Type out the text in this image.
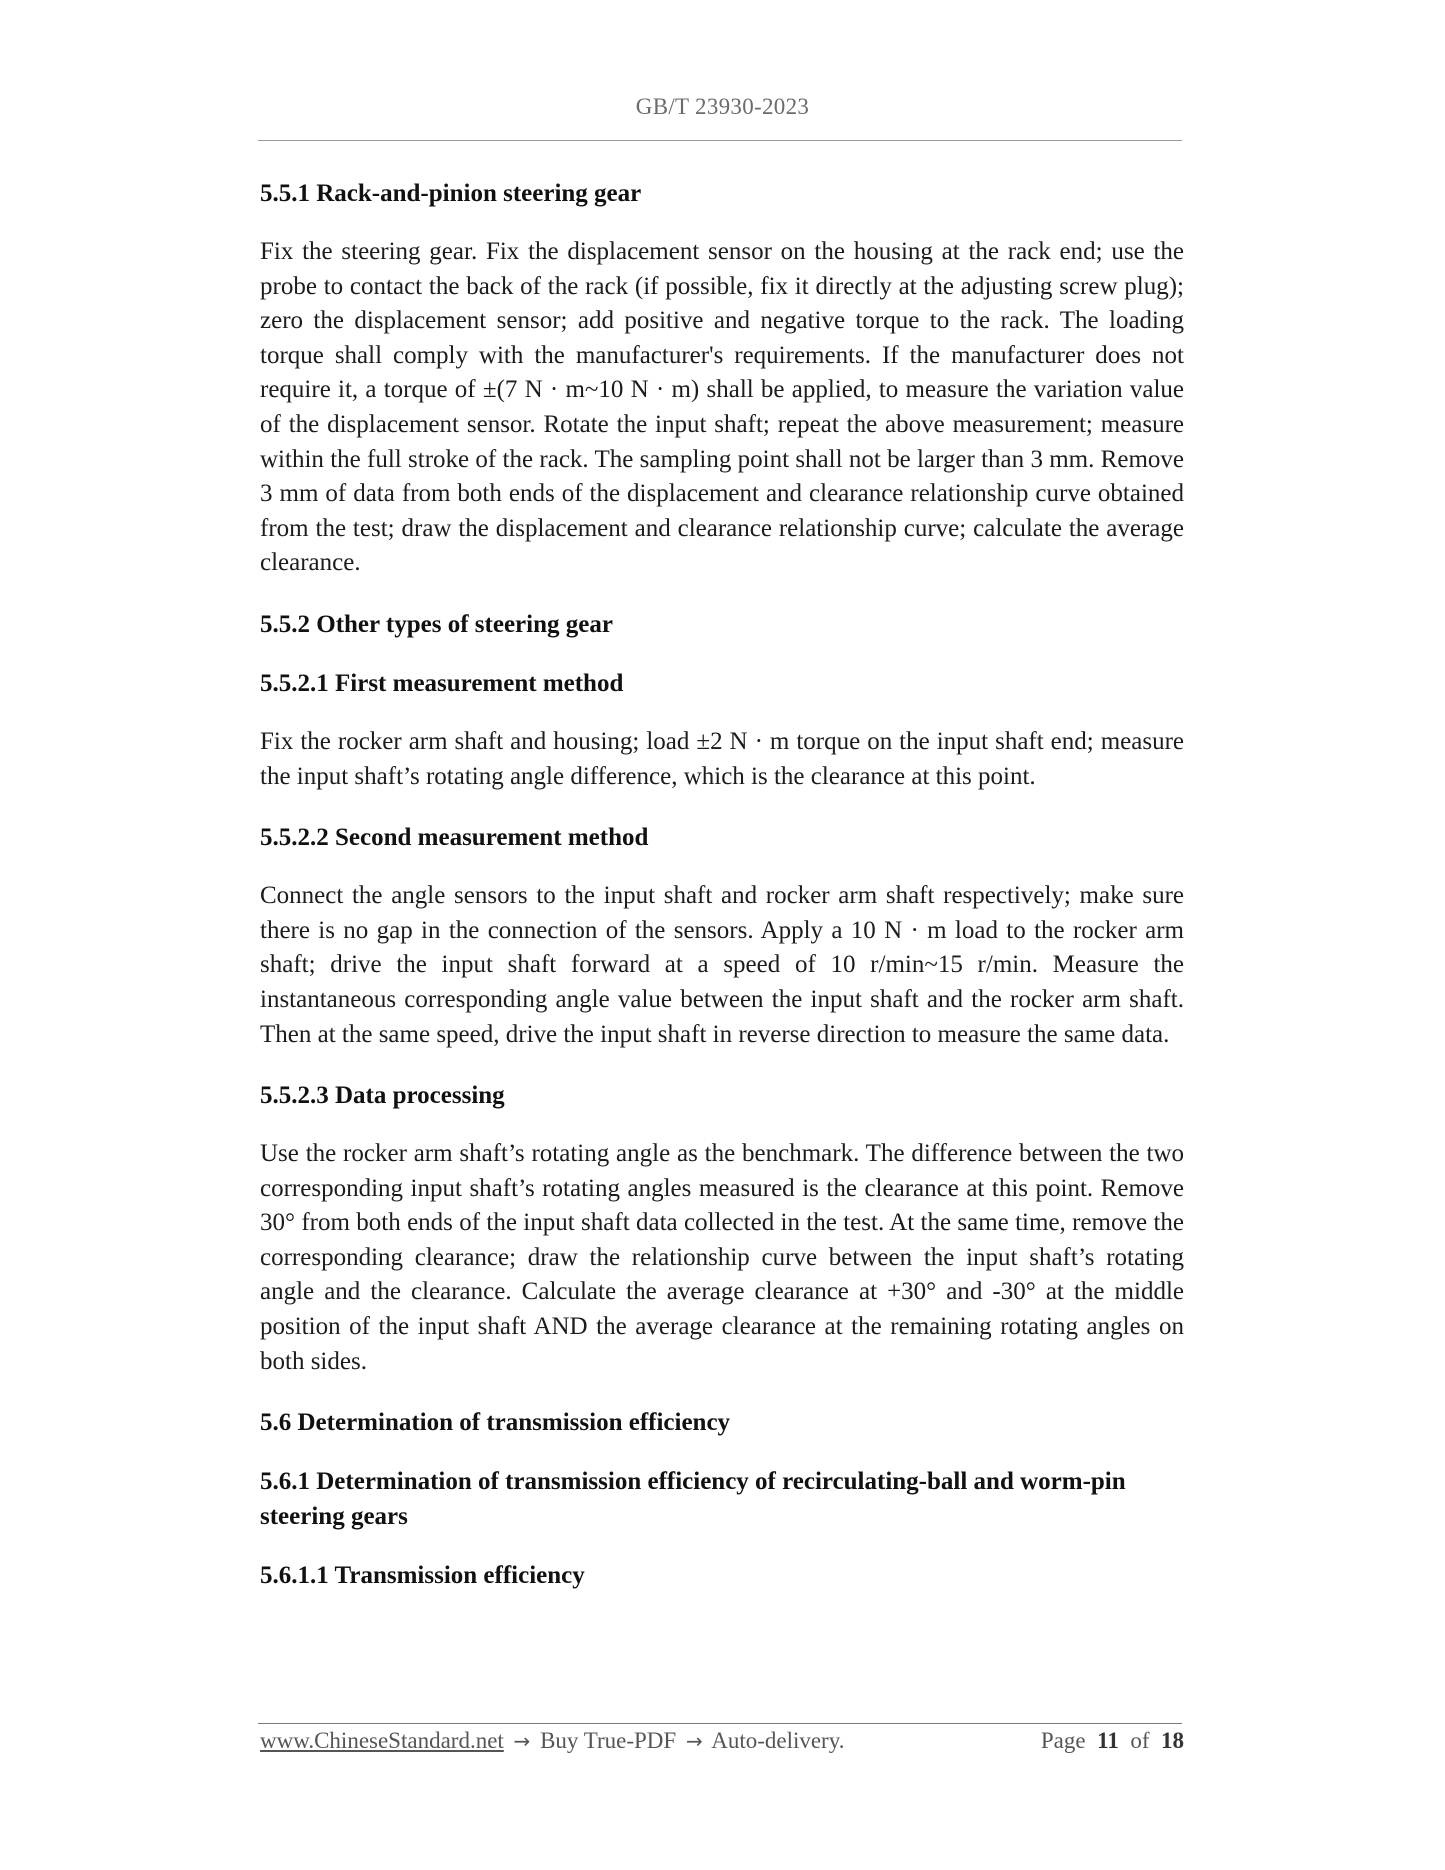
GB/T 23930-2023
5.5.1 Rack-and-pinion steering gear

Fix the steering gear. Fix the displacement sensor on the housing at the rack end; use the probe to contact the back of the rack (if possible, fix it directly at the adjusting screw plug); zero the displacement sensor; add positive and negative torque to the rack. The loading torque shall comply with the manufacturer's requirements. If the manufacturer does not require it, a torque of ±(7 N · m~10 N · m) shall be applied, to measure the variation value of the displacement sensor. Rotate the input shaft; repeat the above measurement; measure within the full stroke of the rack. The sampling point shall not be larger than 3 mm. Remove 3 mm of data from both ends of the displacement and clearance relationship curve obtained from the test; draw the displacement and clearance relationship curve; calculate the average clearance.

5.5.2 Other types of steering gear
5.5.2.1 First measurement method

Fix the rocker arm shaft and housing; load ±2 N · m torque on the input shaft end; measure the input shaft’s rotating angle difference, which is the clearance at this point.

5.5.2.2 Second measurement method

Connect the angle sensors to the input shaft and rocker arm shaft respectively; make sure there is no gap in the connection of the sensors. Apply a 10 N · m load to the rocker arm shaft; drive the input shaft forward at a speed of 10 r/min~15 r/min. Measure the instantaneous corresponding angle value between the input shaft and the rocker arm shaft. Then at the same speed, drive the input shaft in reverse direction to measure the same data.

5.5.2.3 Data processing

Use the rocker arm shaft’s rotating angle as the benchmark. The difference between the two corresponding input shaft’s rotating angles measured is the clearance at this point. Remove 30° from both ends of the input shaft data collected in the test. At the same time, remove the corresponding clearance; draw the relationship curve between the input shaft’s rotating angle and the clearance. Calculate the average clearance at +30° and -30° at the middle position of the input shaft AND the average clearance at the remaining rotating angles on both sides.

5.6 Determination of transmission efficiency
5.6.1 Determination of transmission efficiency of recirculating-ball and worm-pin steering gears
5.6.1.1 Transmission efficiency
www.ChineseStandard.net → Buy True-PDF → Auto-delivery.	Page 11 of 18
